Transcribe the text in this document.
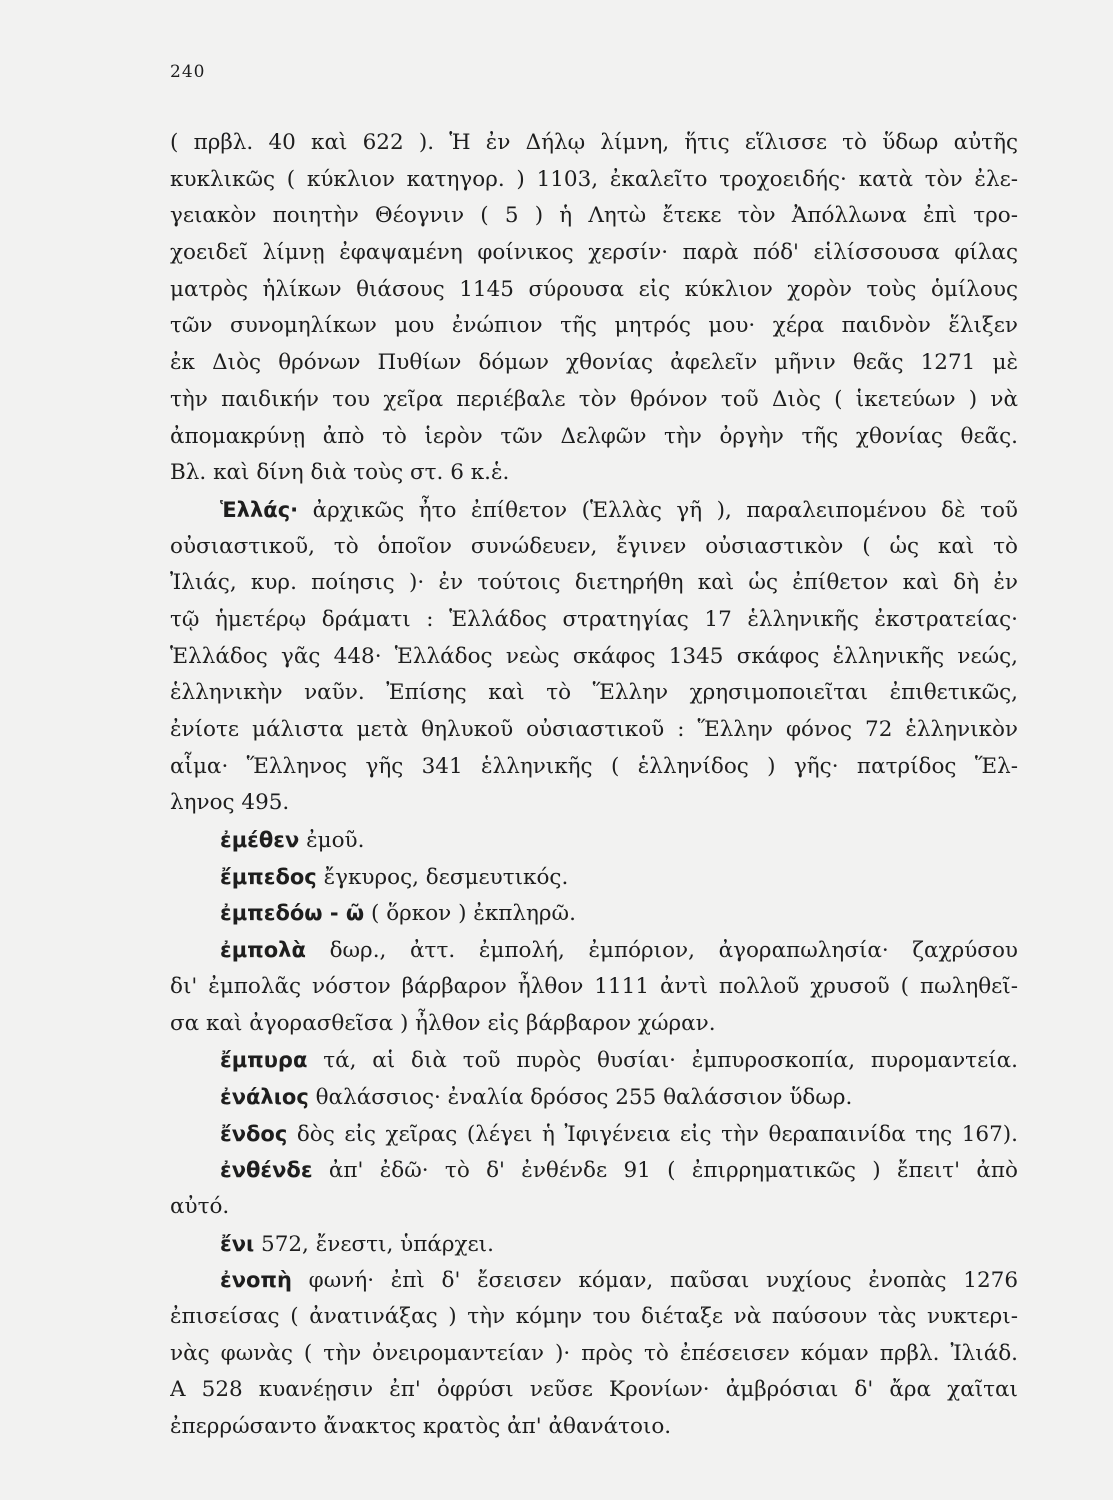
240
( πρβλ. 40 καὶ 622 ). Ἡ ἐν Δήλῳ λίμνη, ἥτις εἵλισσε τὸ ὕδωρ αὐτῆς
κυκλικῶς ( κύκλιον κατηγορ. ) 1103, ἐκαλεῖτο τροχοειδής· κατὰ τὸν ἐλε-
γειακὸν ποιητὴν Θέογνιν ( 5 ) ἡ Λητὼ ἔτεκε τὸν Ἀπόλλωνα ἐπὶ τρο-
χοειδεῖ λίμνῃ ἐφαψαμένη φοίνικος χερσίν· παρὰ πόδ' εἱλίσσουσα φίλας
ματρὸς ἡλίκων θιάσους 1145 σύρουσα εἰς κύκλιον χορὸν τοὺς ὁμίλους
τῶν συνομηλίκων μου ἐνώπιον τῆς μητρός μου· χέρα παιδνὸν ἕλιξεν
ἐκ Διὸς θρόνων Πυθίων δόμων χθονίας ἀφελεῖν μῆνιν θεᾶς 1271 μὲ
τὴν παιδικήν του χεῖρα περιέβαλε τὸν θρόνον τοῦ Διὸς ( ἱκετεύων ) νὰ
ἀπομακρύνῃ ἀπὸ τὸ ἱερὸν τῶν Δελφῶν τὴν ὀργὴν τῆς χθονίας θεᾶς.
Βλ. καὶ δίνη διὰ τοὺς στ. 6 κ.ἑ.
Ἑλλάς· ἀρχικῶς ἦτο ἐπίθετον (Ἑλλὰς γῆ ), παραλειπομένου δὲ τοῦ
οὐσιαστικοῦ, τὸ ὁποῖον συνώδευεν, ἔγινεν οὐσιαστικὸν ( ὡς καὶ τὸ
Ἰλιάς, κυρ. ποίησις )· ἐν τούτοις διετηρήθη καὶ ὡς ἐπίθετον καὶ δὴ ἐν
τῷ ἡμετέρῳ δράματι : Ἑλλάδος στρατηγίας 17 ἑλληνικῆς ἐκστρατείας·
Ἑλλάδος γᾶς 448· Ἑλλάδος νεὼς σκάφος 1345 σκάφος ἑλληνικῆς νεώς,
ἑλληνικὴν ναῦν. Ἐπίσης καὶ τὸ Ἕλλην χρησιμοποιεῖται ἐπιθετικῶς,
ἐνίοτε μάλιστα μετὰ θηλυκοῦ οὐσιαστικοῦ : Ἕλλην φόνος 72 ἑλληνικὸν
αἷμα· Ἕλληνος γῆς 341 ἑλληνικῆς ( ἑλληνίδος ) γῆς· πατρίδος Ἕλ-
ληνος 495.
ἐμέθεν ἐμοῦ.
ἔμπεδος ἔγκυρος, δεσμευτικός.
ἐμπεδόω - ῶ ( ὅρκον ) ἐκπληρῶ.
ἐμπολὰ δωρ., ἀττ. ἐμπολή, ἐμπόριον, ἀγοραπωλησία· ζαχρύσου
δι' ἐμπολᾶς νόστον βάρβαρον ἦλθον 1111 ἀντὶ πολλοῦ χρυσοῦ ( πωληθεῖ-
σα καὶ ἀγορασθεῖσα ) ἦλθον εἰς βάρβαρον χώραν.
ἔμπυρα τά, αἱ διὰ τοῦ πυρὸς θυσίαι· ἐμπυροσκοπία, πυρομαντεία.
ἐνάλιος θαλάσσιος· ἐναλία δρόσος 255 θαλάσσιον ὕδωρ.
ἔνδος δὸς εἰς χεῖρας (λέγει ἡ Ἰφιγένεια εἰς τὴν θεραπαινίδα της 167).
ἐνθένδε ἀπ' ἐδῶ· τὸ δ' ἐνθένδε 91 ( ἐπιρρηματικῶς ) ἔπειτ' ἀπὸ
αὐτό.
ἔνι 572, ἔνεστι, ὑπάρχει.
ἐνοπὴ φωνή· ἐπὶ δ' ἔσεισεν κόμαν, παῦσαι νυχίους ἐνοπὰς 1276
ἐπισείσας ( ἀνατινάξας ) τὴν κόμην του διέταξε νὰ παύσουν τὰς νυκτερι-
νὰς φωνὰς ( τὴν ὀνειρομαντείαν )· πρὸς τὸ ἐπέσεισεν κόμαν πρβλ. Ἰλιάδ.
Α 528 κυανέῃσιν ἐπ' ὀφρύσι νεῦσε Κρονίων· ἀμβρόσιαι δ' ἄρα χαῖται
ἐπερρώσαντο ἄνακτος κρατὸς ἀπ' ἀθανάτοιο.
